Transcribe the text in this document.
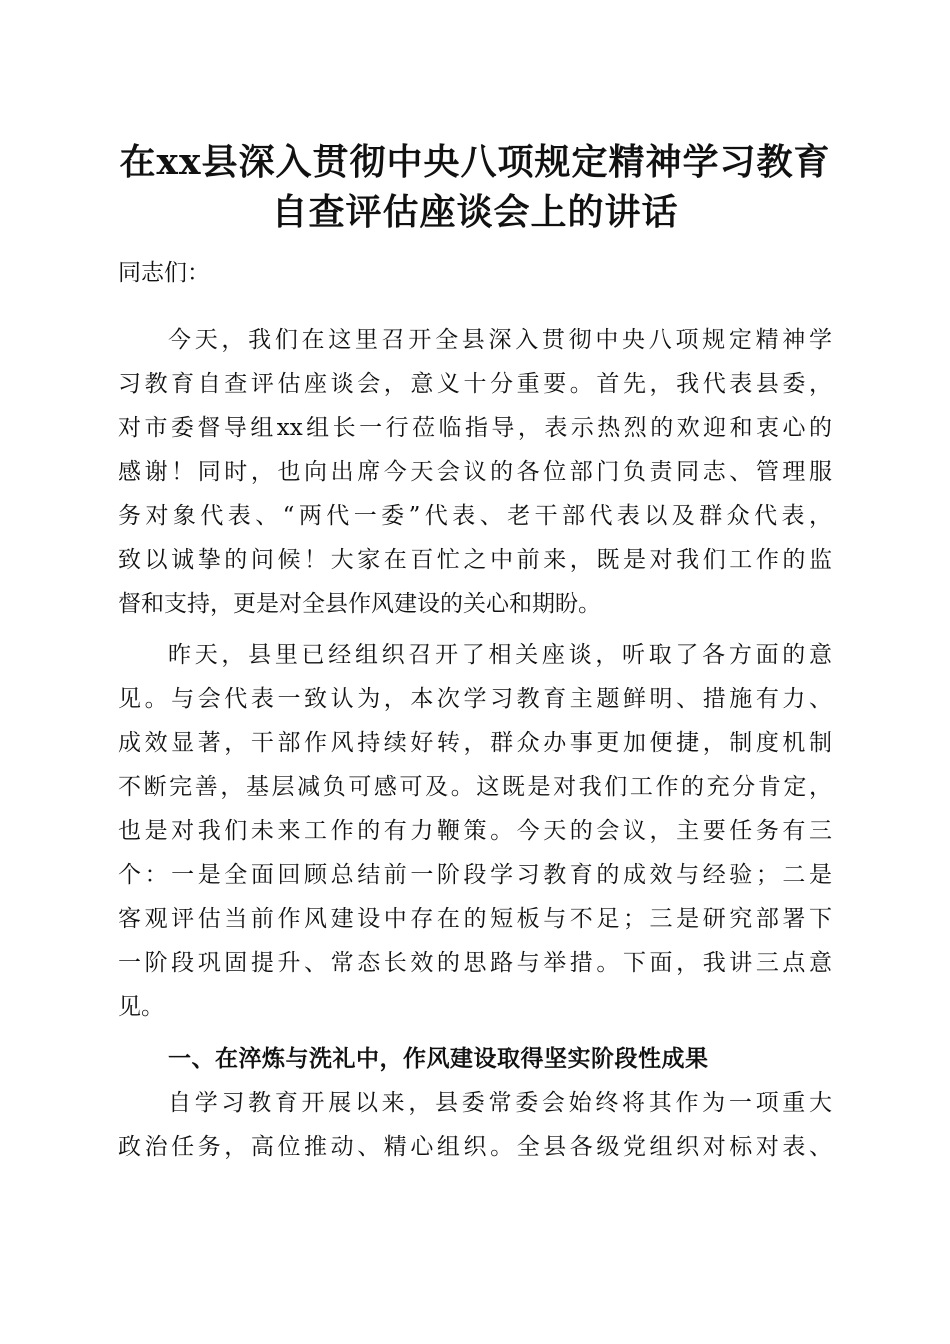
在xx县深入贯彻中央八项规定精神学习教育
自查评估座谈会上的讲话
同志们：
今天，我们在这里召开全县深入贯彻中央八项规定精神学
习教育自查评估座谈会，意义十分重要。首先，我代表县委，
对市委督导组xx组长一行莅临指导，表示热烈的欢迎和衷心的
感谢！同时，也向出席今天会议的各位部门负责同志、管理服
务对象代表、“两代一委”代表、老干部代表以及群众代表，
致以诚挚的问候！大家在百忙之中前来，既是对我们工作的监
督和支持，更是对全县作风建设的关心和期盼。
昨天，县里已经组织召开了相关座谈，听取了各方面的意
见。与会代表一致认为，本次学习教育主题鲜明、措施有力、
成效显著，干部作风持续好转，群众办事更加便捷，制度机制
不断完善，基层减负可感可及。这既是对我们工作的充分肯定，
也是对我们未来工作的有力鞭策。今天的会议，主要任务有三
个：一是全面回顾总结前一阶段学习教育的成效与经验；二是
客观评估当前作风建设中存在的短板与不足；三是研究部署下
一阶段巩固提升、常态长效的思路与举措。下面，我讲三点意
见。
一、在淬炼与洗礼中，作风建设取得坚实阶段性成果
自学习教育开展以来，县委常委会始终将其作为一项重大
政治任务，高位推动、精心组织。全县各级党组织对标对表、
